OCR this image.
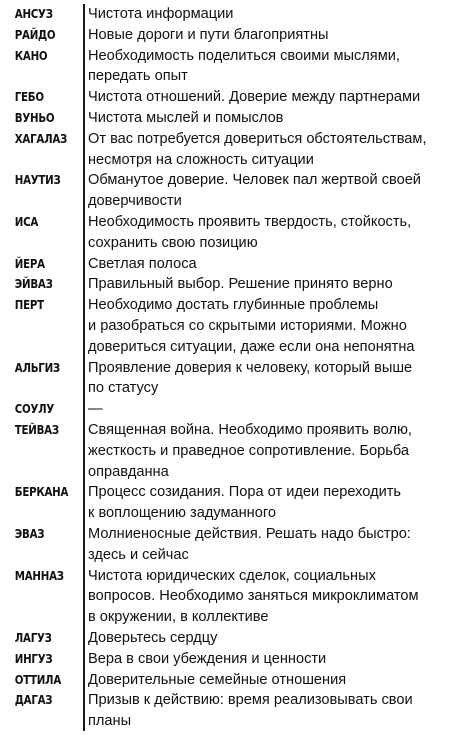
АНСУЗ	Чистота информации
РАЙДО	Новые дороги и пути благоприятны
КАНО	Необходимость поделиться своими мыслями,
передать опыт
ГЕБО	Чистота отношений. Доверие между партнерами
ВУНЬО	Чистота мыслей и помыслов
ХАГАЛАЗ От вас потребуется довериться обстоятельствам,
несмотря на сложность ситуации
НАУТИЗ	Обманутое доверие. Человек пал жертвой своей
доверчивости
ИСА	Необходимость проявить твердость, стойкость,
сохранить свою позицию
ЙЕРА	Светлая полоса
ЭЙВАЗ	Правильный выбор. Решение принято верно
ПЕРТ	Необходимо достать глубинные проблемы
и разобраться со скрытыми историями. Можно
довериться ситуации, даже если она непонятна
АЛЬГИЗ	Проявление доверия к человеку, который выше
по статусу
СОУЛУ	—
ТЕЙВАЗ	Священная война. Необходимо проявить волю,
жесткость и праведное сопротивление. Борьба
оправданна
БЕРКАНА Процесс созидания. Пора от идеи переходить
к воплощению задуманного
ЭВАЗ	Молниеносные действия. Решать надо быстро:
здесь и сейчас
МАННАЗ Чистота юридических сделок, социальных
вопросов. Необходимо заняться микроклиматом
в окружении, в коллективе
ЛАГУЗ	Доверьтесь сердцу
ИНГУЗ	Вера в свои убеждения и ценности
ОТТИЛА	Доверительные семейные отношения
ДАГАЗ	Призыв к действию: время реализовывать свои
планы
